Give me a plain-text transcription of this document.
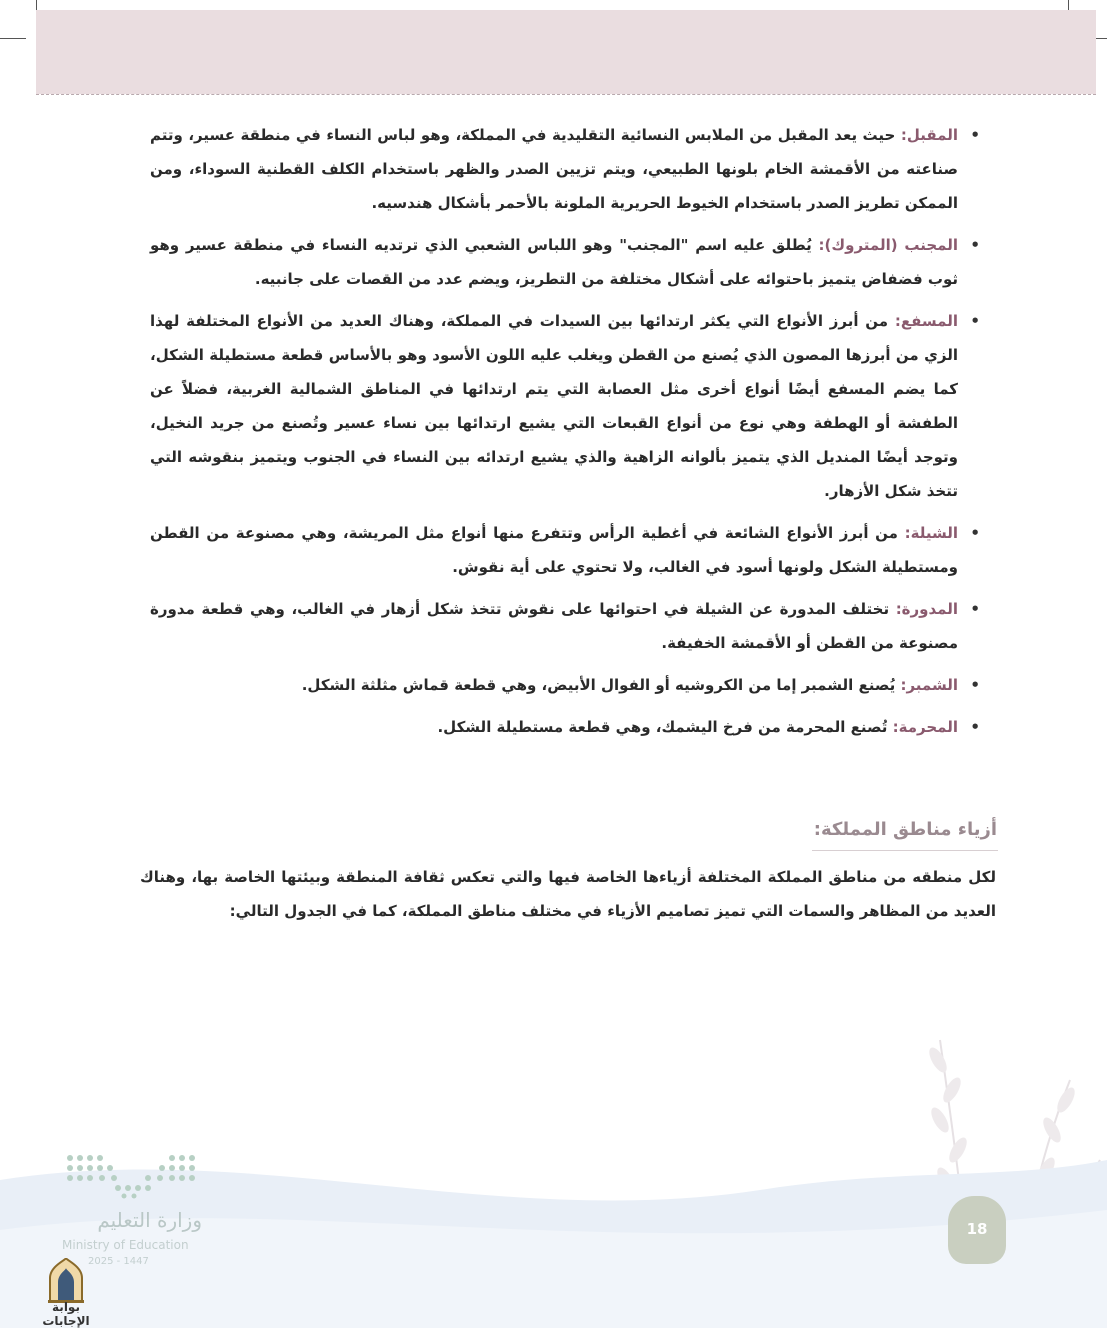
• المقبل: حيث يعد المقبل من الملابس النسائية التقليدية في المملكة، وهو لباس النساء في منطقة عسير، وتتم صناعته من الأقمشة الخام بلونها الطبيعي، ويتم تزيين الصدر والظهر باستخدام الكلف القطنية السوداء، ومن الممكن تطريز الصدر باستخدام الخيوط الحريرية الملونة بالأحمر بأشكال هندسيه.
• المجنب (المتروك): يُطلق عليه اسم "المجنب" وهو اللباس الشعبي الذي ترتديه النساء في منطقة عسير وهو ثوب فضفاض يتميز باحتوائه على أشكال مختلفة من التطريز، ويضم عدد من القصات على جانبيه.
• المسفع: من أبرز الأنواع التي يكثر ارتدائها بين السيدات في المملكة، وهناك العديد من الأنواع المختلفة لهذا الزي من أبرزها المصون الذي يُصنع من القطن ويغلب عليه اللون الأسود وهو بالأساس قطعة مستطيلة الشكل، كما يضم المسفع أيضًا أنواع أخرى مثل العصابة التي يتم ارتدائها في المناطق الشمالية الغربية، فضلاً عن الطفشة أو الهطفة وهي نوع من أنواع القبعات التي يشيع ارتدائها بين نساء عسير وتُصنع من جريد النخيل، وتوجد أيضًا المنديل الذي يتميز بألوانه الزاهية والذي يشيع ارتدائه بين النساء في الجنوب ويتميز بنقوشه التي تتخذ شكل الأزهار.
• الشيلة: من أبرز الأنواع الشائعة في أغطية الرأس وتتفرع منها أنواع مثل المريشة، وهي مصنوعة من القطن ومستطيلة الشكل ولونها أسود في الغالب، ولا تحتوي على أية نقوش.
• المدورة: تختلف المدورة عن الشيلة في احتوائها على نقوش تتخذ شكل أزهار في الغالب، وهي قطعة مدورة مصنوعة من القطن أو الأقمشة الخفيفة.
• الشمبر: يُصنع الشمبر إما من الكروشيه أو الفوال الأبيض، وهي قطعة قماش مثلثة الشكل.
• المحرمة: تُصنع المحرمة من فرخ اليشمك، وهي قطعة مستطيلة الشكل.
أزياء مناطق المملكة:

لكل منطقه من مناطق المملكة المختلفة أزياءها الخاصة فيها والتي تعكس ثقافة المنطقة وبيئتها الخاصة بها، وهناك العديد من المظاهر والسمات التي تميز تصاميم الأزياء في مختلف مناطق المملكة، كما في الجدول التالي:

وزارة التعليم
Ministry of Education
2025 - 1447
18
بوابة الإجابات
